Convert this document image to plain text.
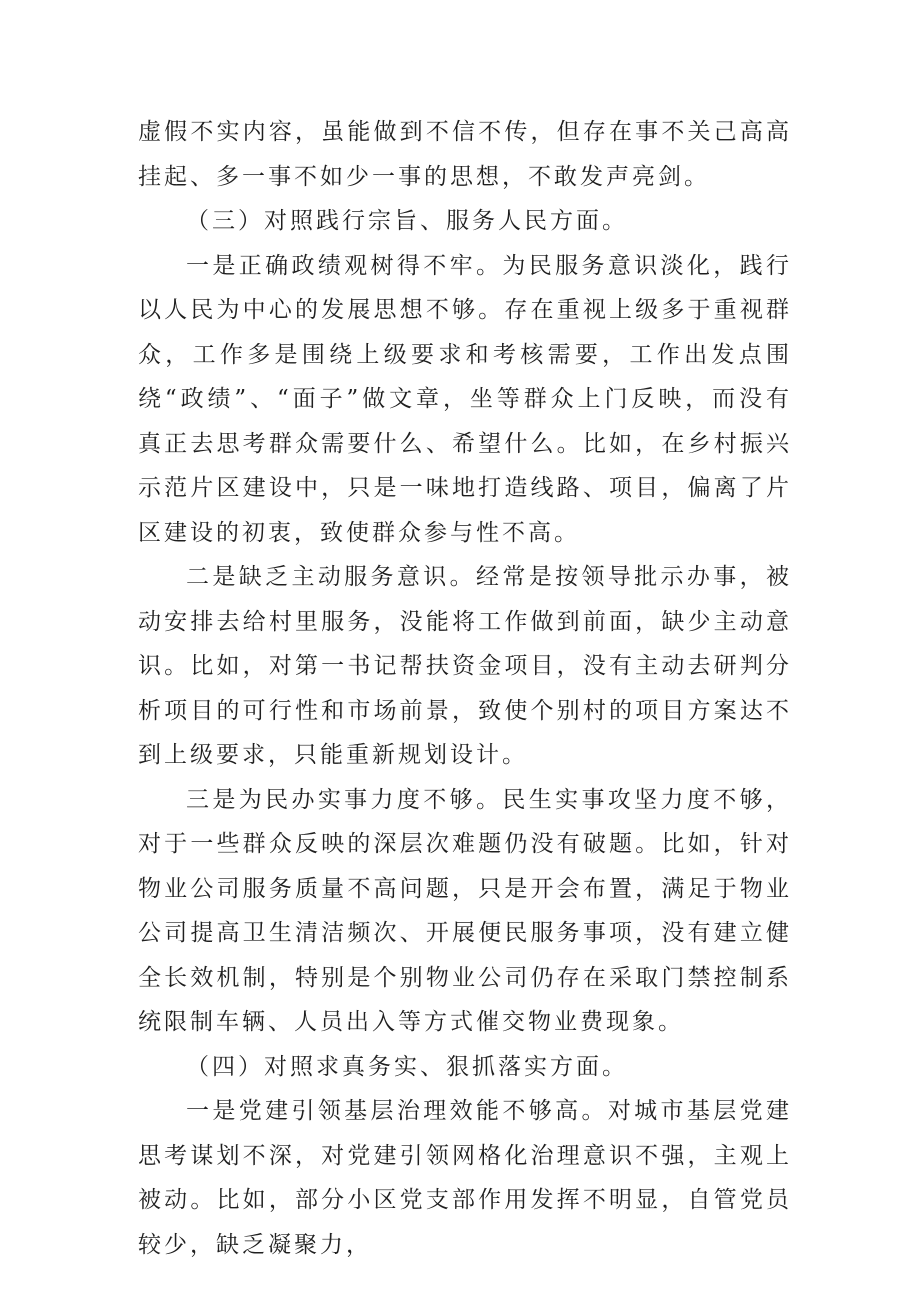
虚假不实内容，虽能做到不信不传，但存在事不关己高高挂起、多一事不如少一事的思想，不敢发声亮剑。

（三）对照践行宗旨、服务人民方面。

一是正确政绩观树得不牢。为民服务意识淡化，践行以人民为中心的发展思想不够。存在重视上级多于重视群众，工作多是围绕上级要求和考核需要，工作出发点围绕“政绩”、“面子”做文章，坐等群众上门反映，而没有真正去思考群众需要什么、希望什么。比如，在乡村振兴示范片区建设中，只是一味地打造线路、项目，偏离了片区建设的初衷，致使群众参与性不高。

二是缺乏主动服务意识。经常是按领导批示办事，被动安排去给村里服务，没能将工作做到前面，缺少主动意识。比如，对第一书记帮扶资金项目，没有主动去研判分析项目的可行性和市场前景，致使个别村的项目方案达不到上级要求，只能重新规划设计。

三是为民办实事力度不够。民生实事攻坚力度不够，对于一些群众反映的深层次难题仍没有破题。比如，针对物业公司服务质量不高问题，只是开会布置，满足于物业公司提高卫生清洁频次、开展便民服务事项，没有建立健全长效机制，特别是个别物业公司仍存在采取门禁控制系统限制车辆、人员出入等方式催交物业费现象。

（四）对照求真务实、狠抓落实方面。

一是党建引领基层治理效能不够高。对城市基层党建思考谋划不深，对党建引领网格化治理意识不强，主观上被动。比如，部分小区党支部作用发挥不明显，自管党员较少，缺乏凝聚力，
